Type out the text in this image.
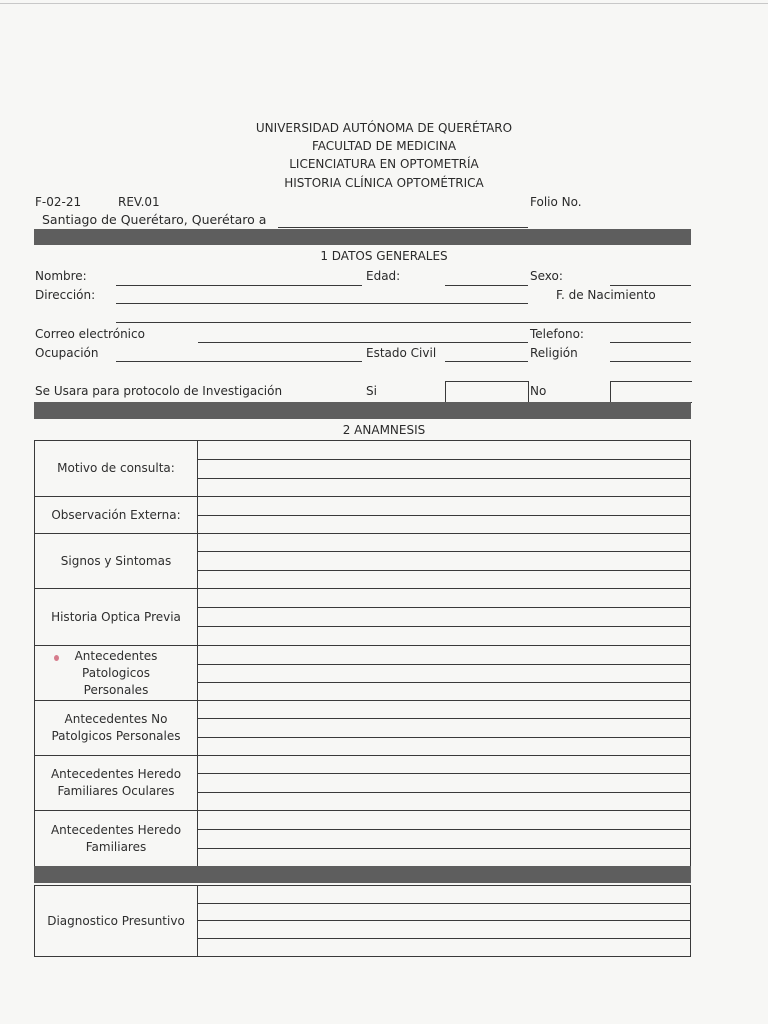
UNIVERSIDAD AUTÓNOMA DE QUERÉTARO
FACULTAD DE MEDICINA
LICENCIATURA EN OPTOMETRÍA
HISTORIA CLÍNICA OPTOMÉTRICA
F-02-21	REV.01	Folio No.
Santiago de Querétaro, Querétaro a
1 DATOS GENERALES
Nombre:	Edad:	Sexo:
Dirección:	F. de Nacimiento
Correo electrónico	Telefono:
Ocupación	Estado Civil	Religión
Se Usara para protocolo de Investigación	Si	No
2 ANAMNESIS
Motivo de consulta:
Observación Externa:
Signos y Sintomas
Historia Optica Previa
Antecedentes Patologicos Personales
Antecedentes No Patolgicos Personales
Antecedentes Heredo Familiares Oculares
Antecedentes Heredo Familiares
Diagnostico Presuntivo
